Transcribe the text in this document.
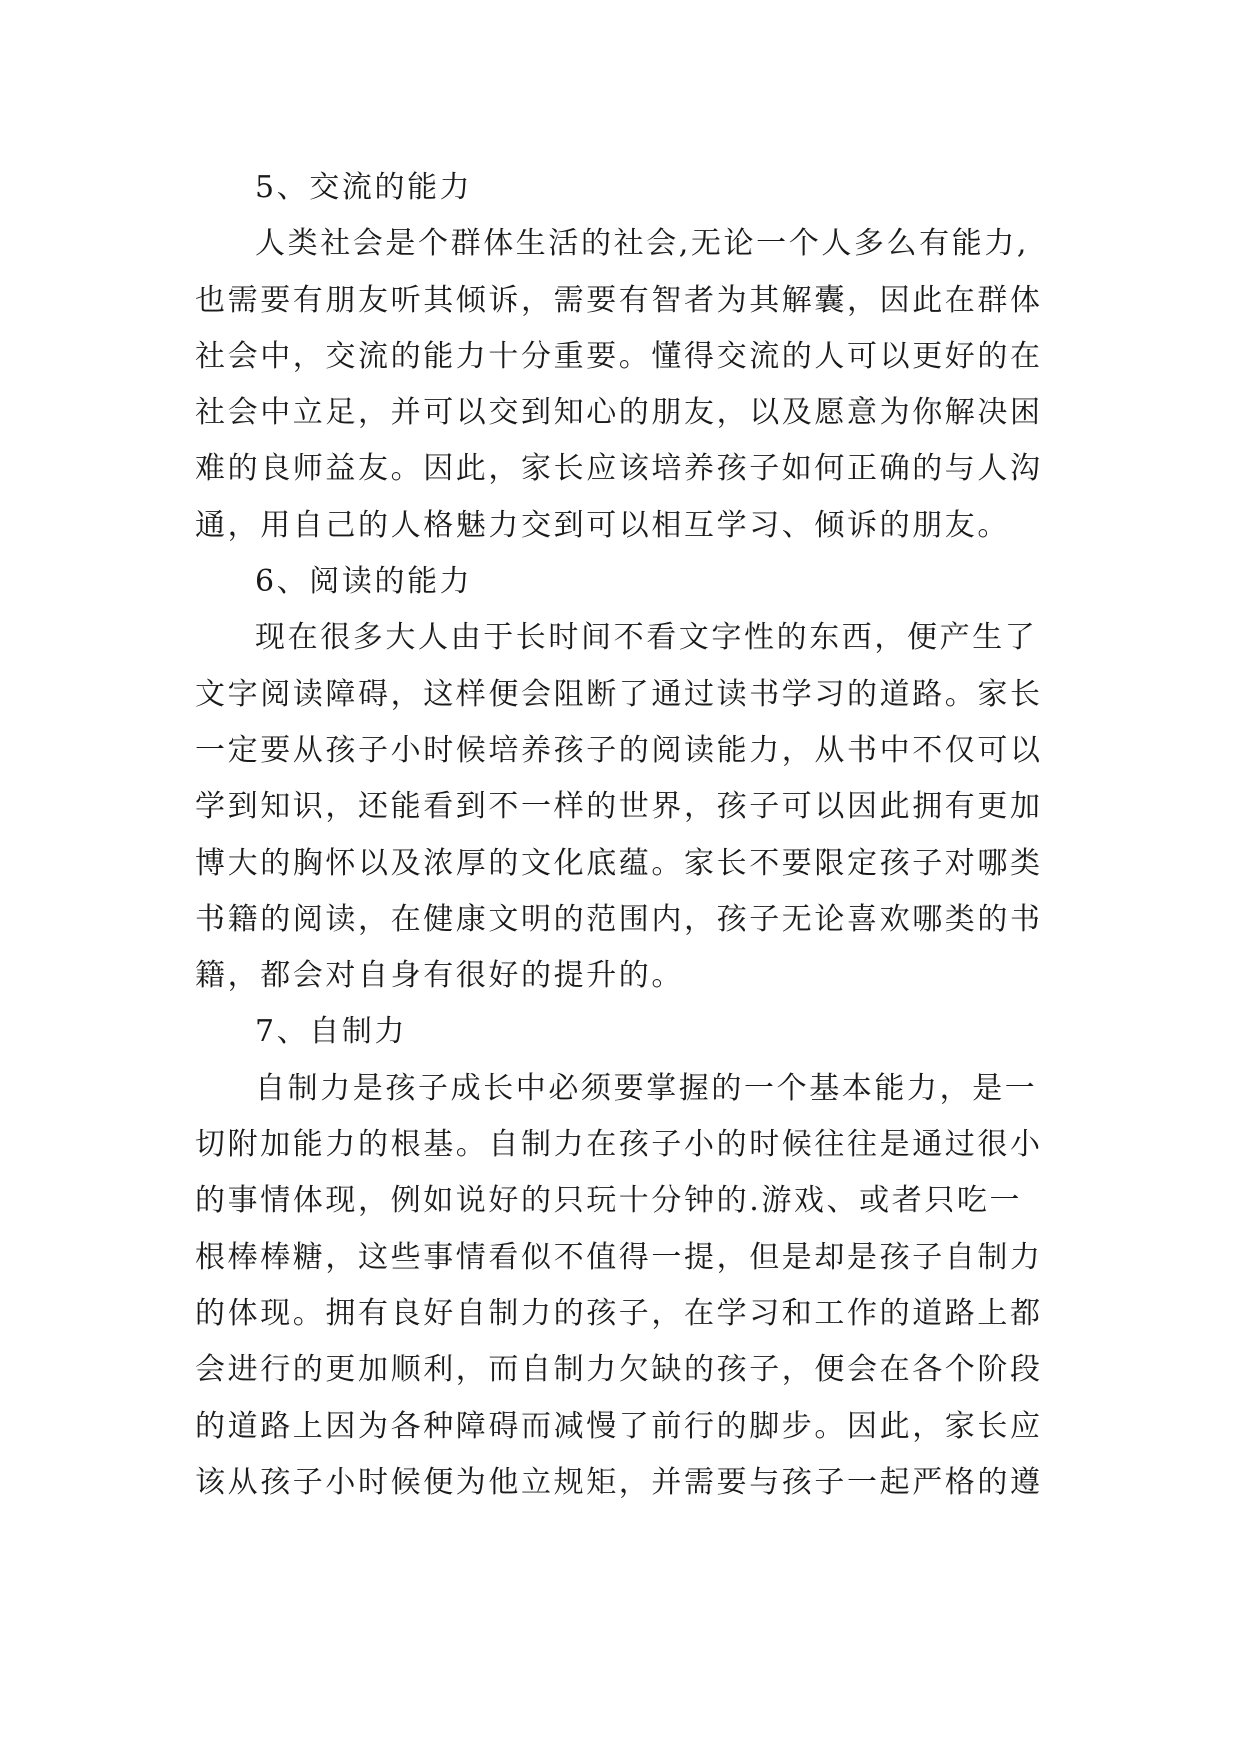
5、交流的能力
人类社会是个群体生活的社会,无论一个人多么有能力,
也需要有朋友听其倾诉，需要有智者为其解囊，因此在群体
社会中，交流的能力十分重要。懂得交流的人可以更好的在
社会中立足，并可以交到知心的朋友，以及愿意为你解决困
难的良师益友。因此，家长应该培养孩子如何正确的与人沟
通，用自己的人格魅力交到可以相互学习、倾诉的朋友。
6、阅读的能力
现在很多大人由于长时间不看文字性的东西，便产生了
文字阅读障碍，这样便会阻断了通过读书学习的道路。家长
一定要从孩子小时候培养孩子的阅读能力，从书中不仅可以
学到知识，还能看到不一样的世界，孩子可以因此拥有更加
博大的胸怀以及浓厚的文化底蕴。家长不要限定孩子对哪类
书籍的阅读，在健康文明的范围内，孩子无论喜欢哪类的书
籍，都会对自身有很好的提升的。
7、自制力
自制力是孩子成长中必须要掌握的一个基本能力，是一
切附加能力的根基。自制力在孩子小的时候往往是通过很小
的事情体现，例如说好的只玩十分钟的.游戏、或者只吃一
根棒棒糖，这些事情看似不值得一提，但是却是孩子自制力
的体现。拥有良好自制力的孩子，在学习和工作的道路上都
会进行的更加顺利，而自制力欠缺的孩子，便会在各个阶段
的道路上因为各种障碍而减慢了前行的脚步。因此，家长应
该从孩子小时候便为他立规矩，并需要与孩子一起严格的遵
